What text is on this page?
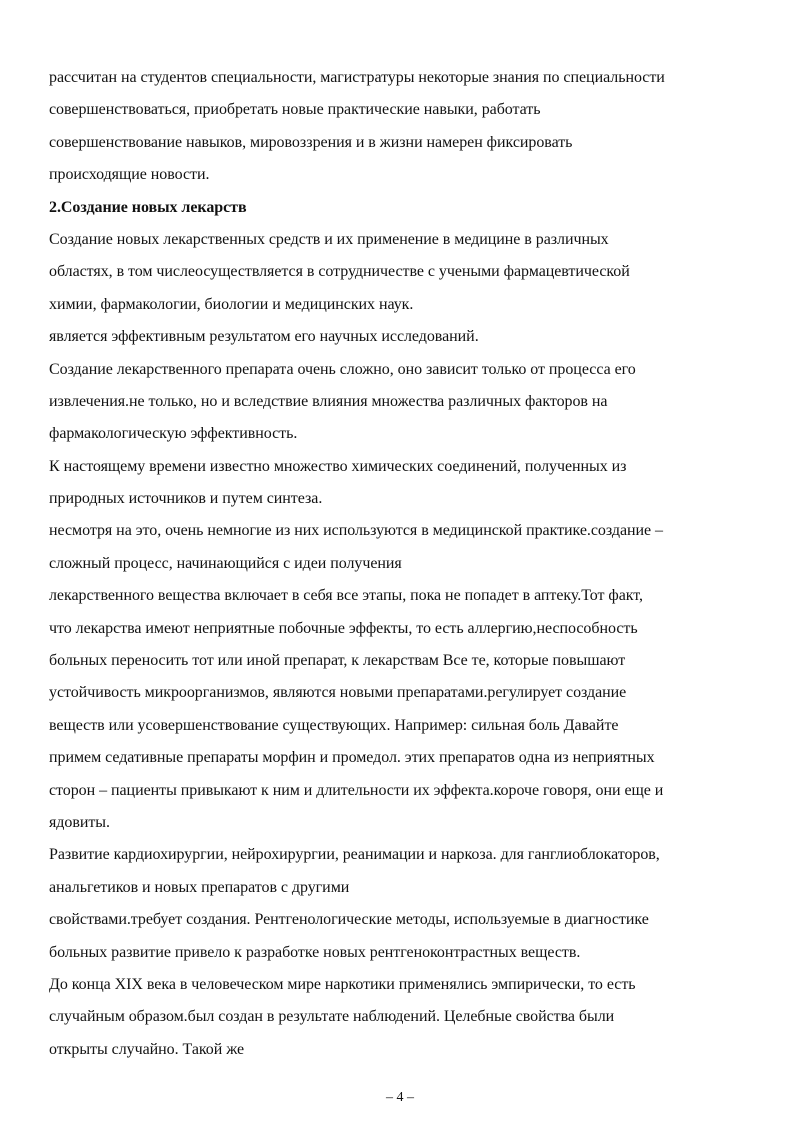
рассчитан на студентов специальности, магистратуры некоторые знания по специальности
совершенствоваться, приобретать новые практические навыки, работать
совершенствование навыков, мировоззрения и в жизни намерен фиксировать
происходящие новости.
2.Создание новых лекарств
Создание новых лекарственных средств и их применение в медицине в различных
областях, в том числеосуществляется в сотрудничестве с учеными фармацевтической
химии, фармакологии, биологии и медицинских наук.
является эффективным результатом его научных исследований.
Создание лекарственного препарата очень сложно, оно зависит только от процесса его
извлечения.не только, но и вследствие влияния множества различных факторов на
фармакологическую эффективность.
К настоящему времени известно множество химических соединений, полученных из
природных источников и путем синтеза.
несмотря на это, очень немногие из них используются в медицинской практике.создание –
сложный процесс, начинающийся с идеи получения
лекарственного вещества включает в себя все этапы, пока не попадет в аптеку.Тот факт,
что лекарства имеют неприятные побочные эффекты, то есть аллергию,неспособность
больных переносить тот или иной препарат, к лекарствам Все те, которые повышают
устойчивость микроорганизмов, являются новыми препаратами.регулирует создание
веществ или усовершенствование существующих. Например: сильная боль Давайте
примем седативные препараты морфин и промедол. этих препаратов одна из неприятных
сторон – пациенты привыкают к ним и длительности их эффекта.короче говоря, они еще и
ядовиты.
Развитие кардиохирургии, нейрохирургии, реанимации и наркоза. для ганглиоблокаторов,
анальгетиков и новых препаратов с другими
свойствами.требует создания. Рентгенологические методы, используемые в диагностике
больных развитие привело к разработке новых рентгеноконтрастных веществ.
До конца XIX века в человеческом мире наркотики применялись эмпирически, то есть
случайным образом.был создан в результате наблюдений. Целебные свойства были
открыты случайно. Такой же
– 4 –
